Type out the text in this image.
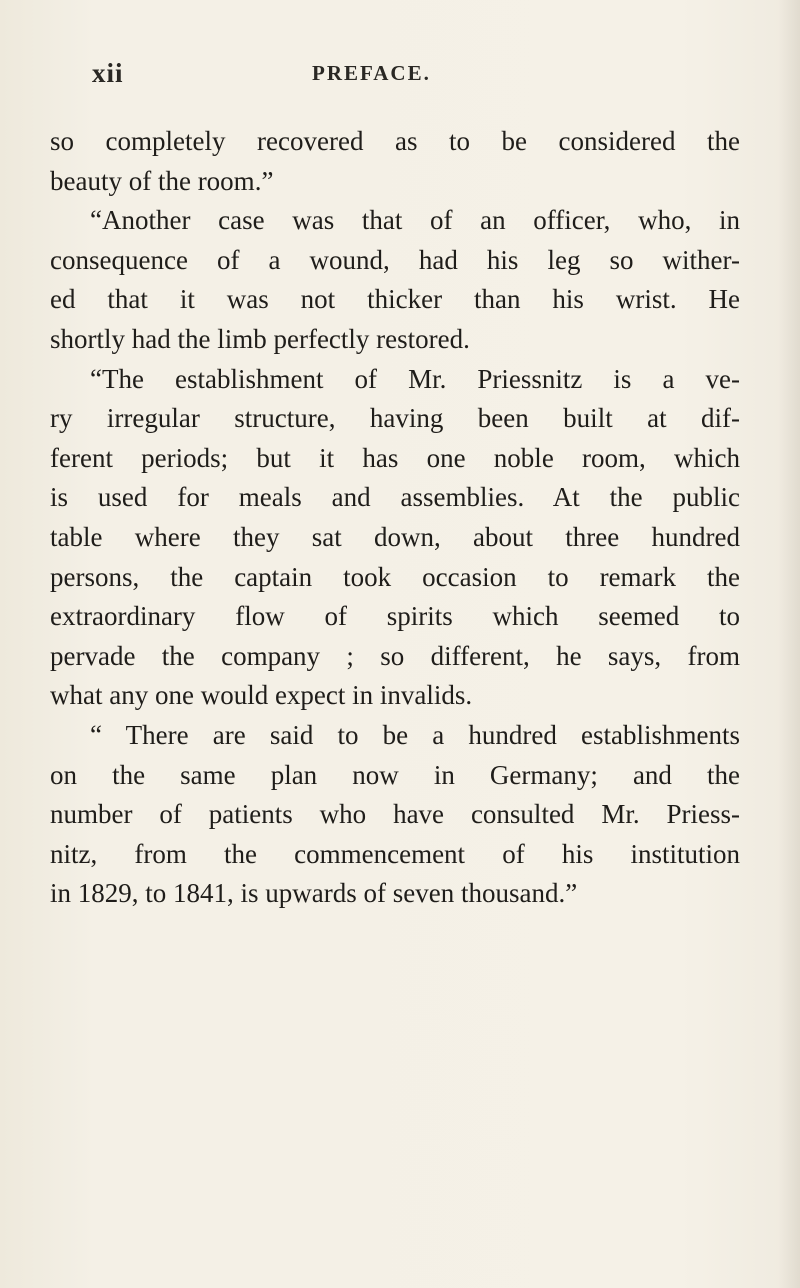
xii	PREFACE.
so completely recovered as to be considered the
beauty of the room.”
“Another case was that of an officer, who, in
consequence of a wound, had his leg so wither-
ed that it was not thicker than his wrist. He
shortly had the limb perfectly restored.
“The establishment of Mr. Priessnitz is a ve-
ry irregular structure, having been built at dif-
ferent periods; but it has one noble room, which
is used for meals and assemblies. At the public
table where they sat down, about three hundred
persons, the captain took occasion to remark the
extraordinary flow of spirits which seemed to
pervade the company ; so different, he says, from
what any one would expect in invalids.
“ There are said to be a hundred establishments
on the same plan now in Germany; and the
number of patients who have consulted Mr. Priess-
nitz, from the commencement of his institution
in 1829, to 1841, is upwards of seven thousand.”
